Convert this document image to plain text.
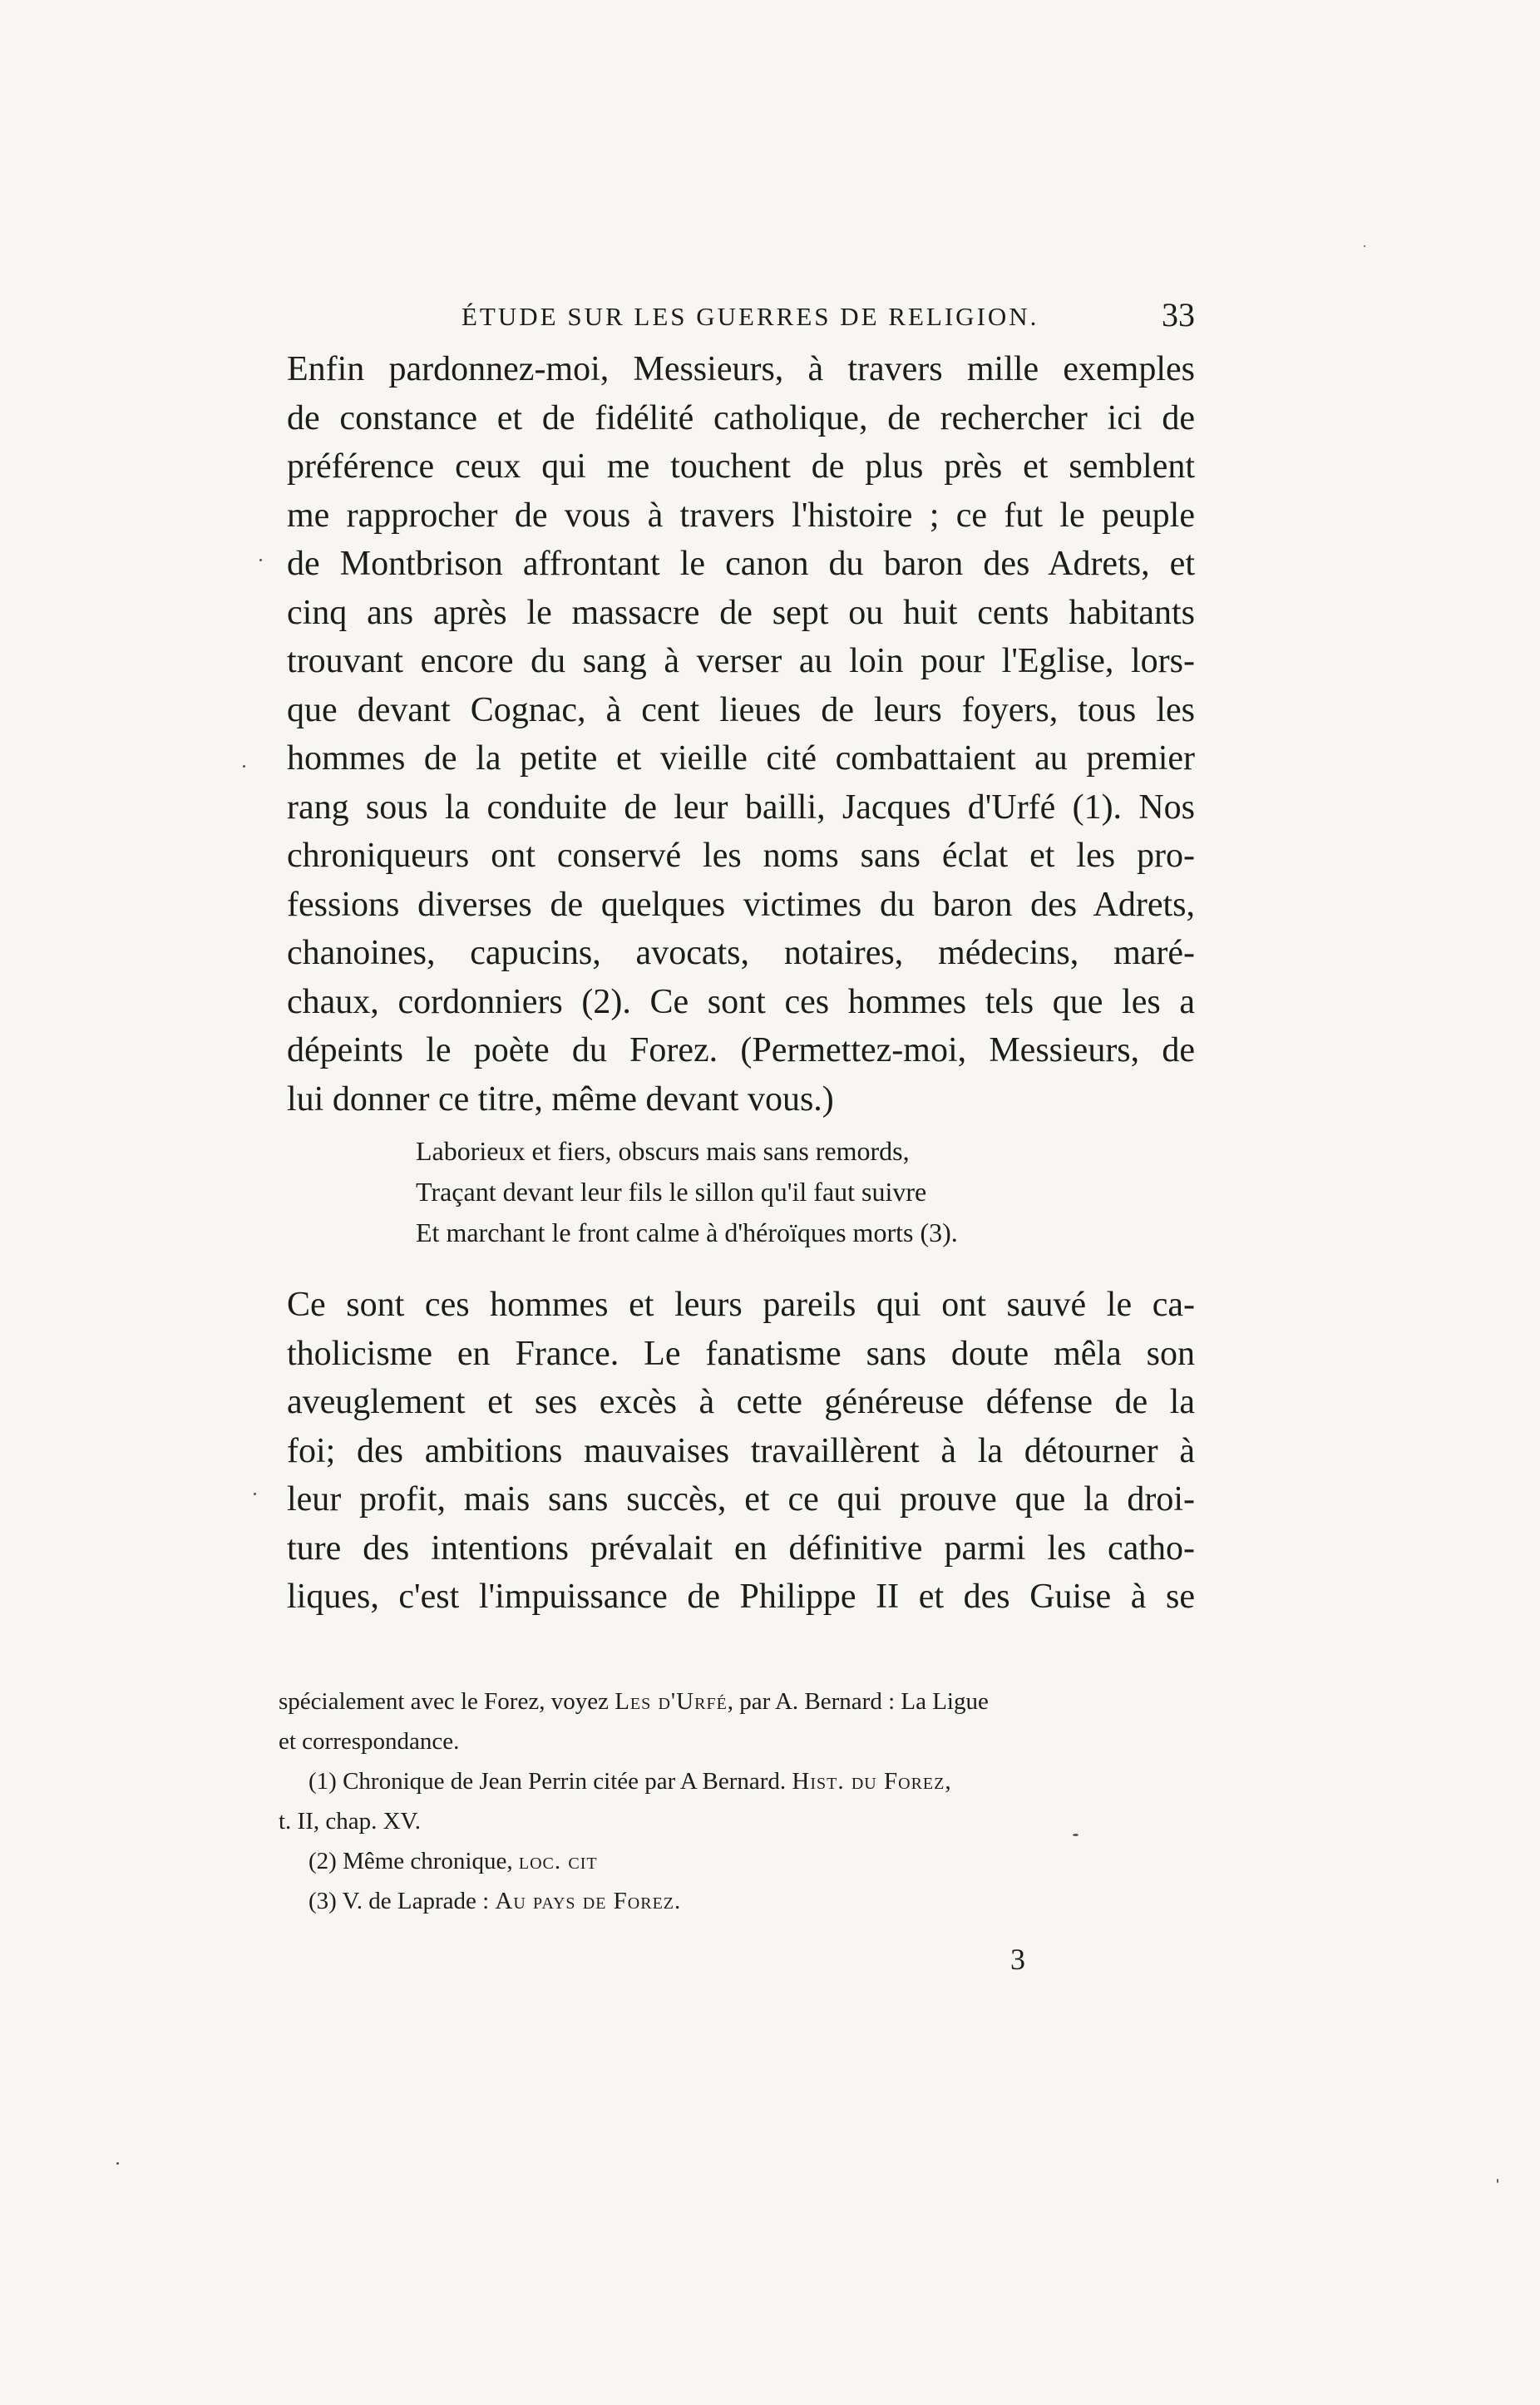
ÉTUDE SUR LES GUERRES DE RELIGION.	33
Enfin pardonnez-moi, Messieurs, à travers mille exemples
de constance et de fidélité catholique, de rechercher ici de
préférence ceux qui me touchent de plus près et semblent
me rapprocher de vous à travers l'histoire ; ce fut le peuple
de Montbrison affrontant le canon du baron des Adrets, et
cinq ans après le massacre de sept ou huit cents habitants
trouvant encore du sang à verser au loin pour l'Eglise, lors-
que devant Cognac, à cent lieues de leurs foyers, tous les
hommes de la petite et vieille cité combattaient au premier
rang sous la conduite de leur bailli, Jacques d'Urfé (1). Nos
chroniqueurs ont conservé les noms sans éclat et les pro-
fessions diverses de quelques victimes du baron des Adrets,
chanoines, capucins, avocats, notaires, médecins, maré-
chaux, cordonniers (2). Ce sont ces hommes tels que les a
dépeints le poète du Forez. (Permettez-moi, Messieurs, de
lui donner ce titre, même devant vous.)
Laborieux et fiers, obscurs mais sans remords,
Traçant devant leur fils le sillon qu'il faut suivre
Et marchant le front calme à d'héroïques morts (3).
Ce sont ces hommes et leurs pareils qui ont sauvé le ca-
tholicisme en France. Le fanatisme sans doute mêla son
aveuglement et ses excès à cette généreuse défense de la
foi; des ambitions mauvaises travaillèrent à la détourner à
leur profit, mais sans succès, et ce qui prouve que la droi-
ture des intentions prévalait en définitive parmi les catho-
liques, c'est l'impuissance de Philippe II et des Guise à se
spécialement avec le Forez, voyez Les d'Urfé, par A. Bernard : La Ligue
et correspondance.
(1) Chronique de Jean Perrin citée par A Bernard. Hist. du Forez,
t. II, chap. XV.
(2) Même chronique, loc. cit
(3) V. de Laprade : Au pays de Forez.
3
